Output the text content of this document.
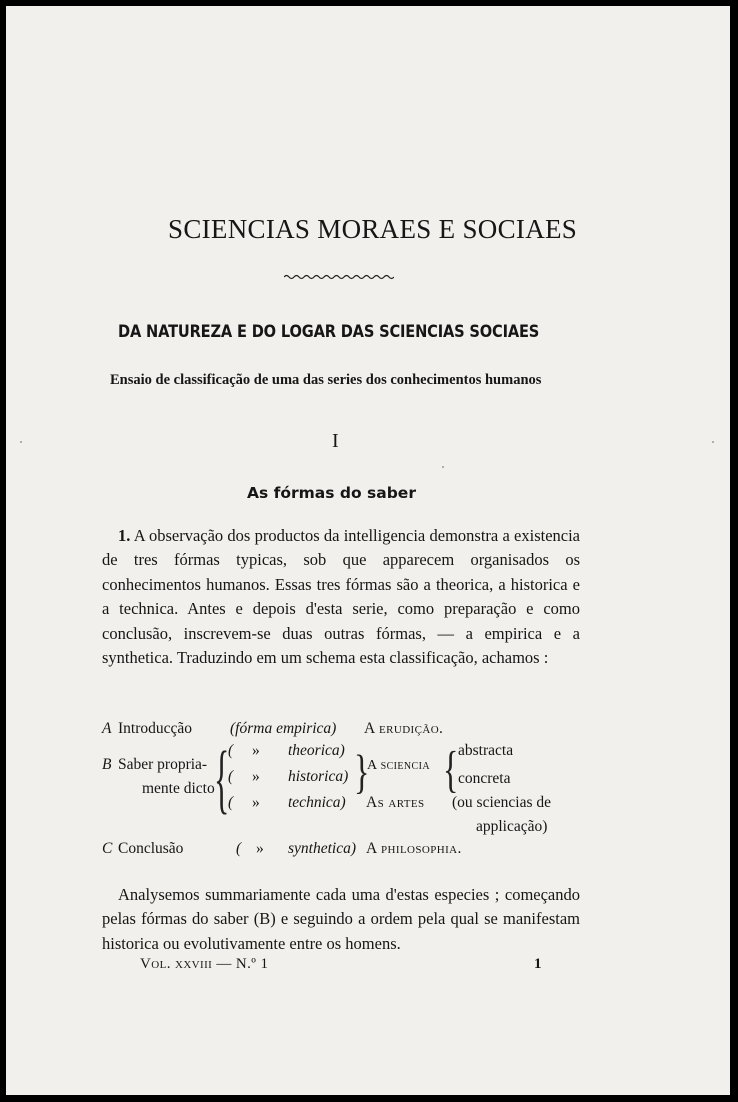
SCIENCIAS MORAES E SOCIAES
DA NATUREZA E DO LOGAR DAS SCIENCIAS SOCIAES
Ensaio de classificação de uma das series dos conhecimentos humanos
I
As fórmas do saber
1. A observação dos productos da intelligencia demonstra a existencia de tres fórmas typicas, sob que apparecem organisados os conhecimentos humanos. Essas tres fórmas são a theorica, a historica e a technica. Antes e depois d'esta serie, como preparação e como conclusão, inscrevem-se duas outras fórmas, — a empirica e a synthetica. Traduzindo em um schema esta classificação, achamos :
A Introducção (fórma empirica) A erudição.
B Saber propria-
mente dicto {
( » theorica)
( » historica)
( » technica)
}
A sciencia { abstracta
concreta
As artes (ou sciencias de
applicação)
C Conclusão	( » synthetica) A philosophia.
Analysemos summariamente cada uma d'estas especies ; começando pelas fórmas do saber (B) e seguindo a ordem pela qual se manifestam historica ou evolutivamente entre os homens.
Vol. xxviii — N.º 1	1
